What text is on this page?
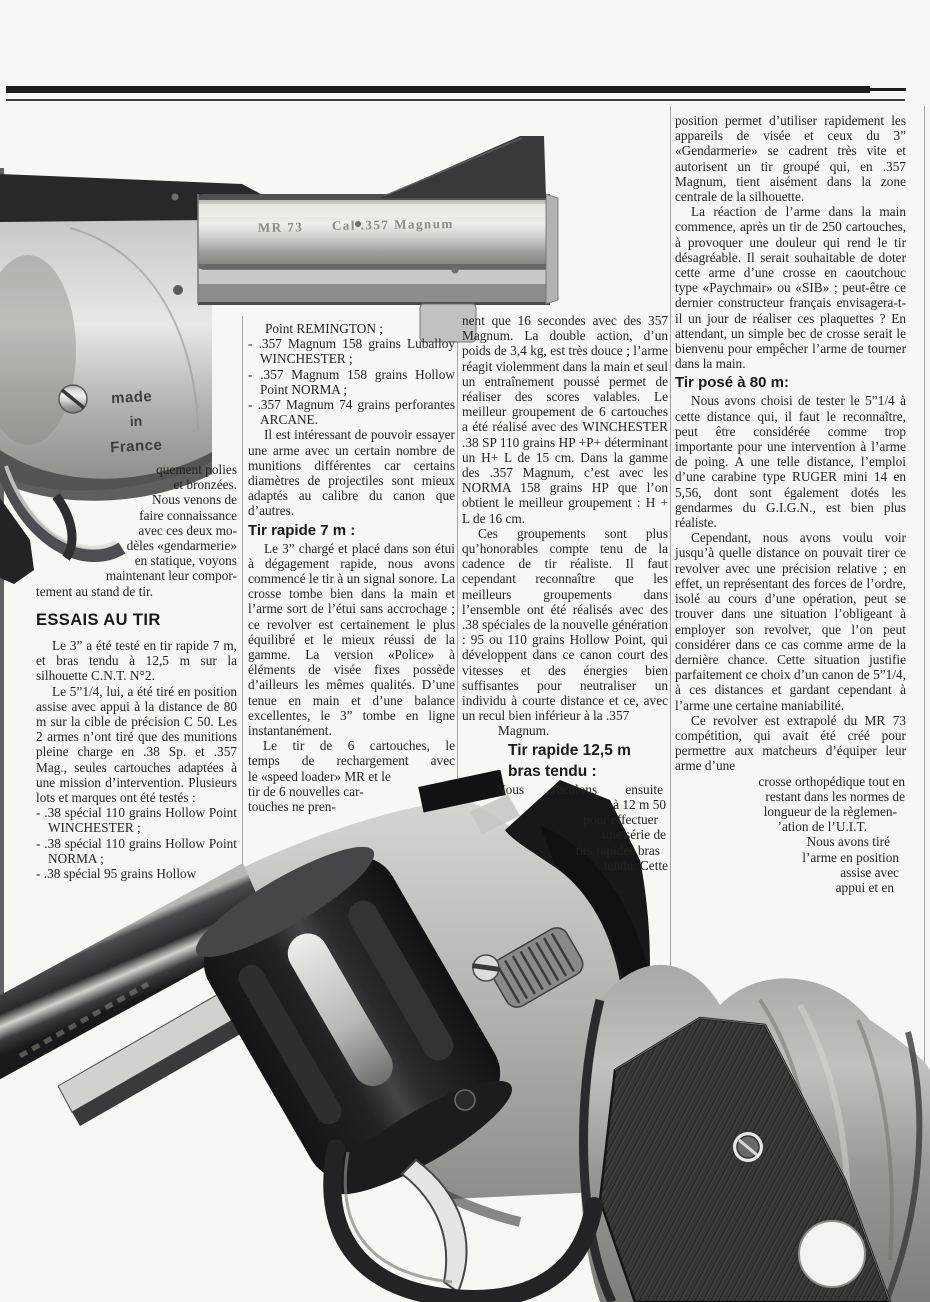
MR 73 Cal .357 Magnum
made
in
France
quement polies
et bronzées.
Nous venons de
faire connaissance
avec ces deux mo-
dèles «gendarmerie»
en statique, voyons
maintenant leur compor-
tement au stand de tir.
ESSAIS AU TIR

Le 3” a été testé en tir rapide 7 m, et bras tendu à 12,5 m sur la silhouette C.N.T. N°2.

Le 5”1/4, lui, a été tiré en position assise avec appui à la distance de 80 m sur la cible de précision C 50. Les 2 armes n’ont tiré que des munitions pleine charge en .38 Sp. et .357 Mag., seules cartouches adaptées à une mission d’intervention. Plusieurs lots et marques ont été testés :

- .38 spécial 110 grains Hollow Point WINCHESTER ;
- .38 spécial 110 grains Hollow Point NORMA ;
- .38 spécial 95 grains Hollow
Point REMINGTON ;
- .357 Magnum 158 grains Luballoy WINCHESTER ;
- .357 Magnum 158 grains Hollow Point NORMA ;
- .357 Magnum 74 grains perforantes ARCANE.

Il est intéressant de pouvoir essayer une arme avec un certain nombre de munitions différentes car certains diamètres de projectiles sont mieux adaptés au calibre du canon que d’autres.

Tir rapide 7 m :

Le 3” chargé et placé dans son étui à dégagement rapide, nous avons commencé le tir à un signal sonore. La crosse tombe bien dans la main et l’arme sort de l’étui sans accrochage ; ce revolver est certainement le plus équilibré et le mieux réussi de la gamme. La version «Police» à éléments de visée fixes possède d’ailleurs les mêmes qualités. D’une tenue en main et d’une balance excellentes, le 3” tombe en ligne instantanément.

Le tir de 6 cartouches, le
temps de rechargement avec
le «speed loader» MR et le
tir de 6 nouvelles car-
touches ne pren-

nent que 16 secondes avec des 357 Magnum. La double action, d’un poids de 3,4 kg, est très douce ; l’arme réagit violemment dans la main et seul un entraînement poussé permet de réaliser des scores valables. Le meilleur groupement de 6 cartouches a été réalisé avec des WINCHESTER .38 SP 110 grains HP +P+ déterminant un H+ L de 15 cm. Dans la gamme des .357 Magnum, c’est avec les NORMA 158 grains HP que l’on obtient le meilleur groupement : H + L de 16 cm.

Ces groupements sont plus qu’honorables compte tenu de la cadence de tir réaliste. Il faut cependant reconnaître que les meilleurs groupements dans l’ensemble ont été réalisés avec des .38 spéciales de la nouvelle génération : 95 ou 110 grains Hollow Point, qui développent dans ce canon court des vitesses et des énergies bien suffisantes pour neutraliser un individu à courte distance et ce, avec un recul bien inférieur à la .357

Magnum.
Tir rapide 12,5 m
bras tendu :
Nous reculons ensuite
à 12 m 50
pour effectuer
une série de
tirs rapides bras
tendu. Cette

position permet d’utiliser rapidement les appareils de visée et ceux du 3” «Gendarmerie» se cadrent très vite et autorisent un tir groupé qui, en .357 Magnum, tient aisément dans la zone centrale de la silhouette.

La réaction de l’arme dans la main commence, après un tir de 250 cartouches, à provoquer une douleur qui rend le tir désagréable. Il serait souhaitable de doter cette arme d’une crosse en caoutchouc type «Paychmair» ou «SIB» ; peut-être ce dernier constructeur français envisagera-t-il un jour de réaliser ces plaquettes ? En attendant, un simple bec de crosse serait le bienvenu pour empêcher l’arme de tourner dans la main.

Tir posé à 80 m:

Nous avons choisi de tester le 5”1/4 à cette distance qui, il faut le reconnaître, peut être considérée comme trop importante pour une intervention à l’arme de poing. A une telle distance, l’emploi d’une carabine type RUGER mini 14 en 5,56, dont sont également dotés les gendarmes du G.I.G.N., est bien plus réaliste.

Cependant, nous avons voulu voir jusqu’à quelle distance on pouvait tirer ce revolver avec une précision relative ; en effet, un représentant des forces de l’ordre, isolé au cours d’une opération, peut se trouver dans une situation l’obligeant à employer son revolver, que l’on peut considérer dans ce cas comme arme de la dernière chance. Cette situation justifie parfaitement ce choix d’un canon de 5”1/4, à ces distances et gardant cependant à l’arme une certaine maniabilité.

Ce revolver est extrapolé du MR 73 compétition, qui avait été créé pour permettre aux matcheurs d’équiper leur arme d’une

crosse orthopédique tout en
restant dans les normes de
longueur de la règlemen-
’ation de l’U.I.T.
Nous avons tiré
l’arme en position
assise avec
appui et en
